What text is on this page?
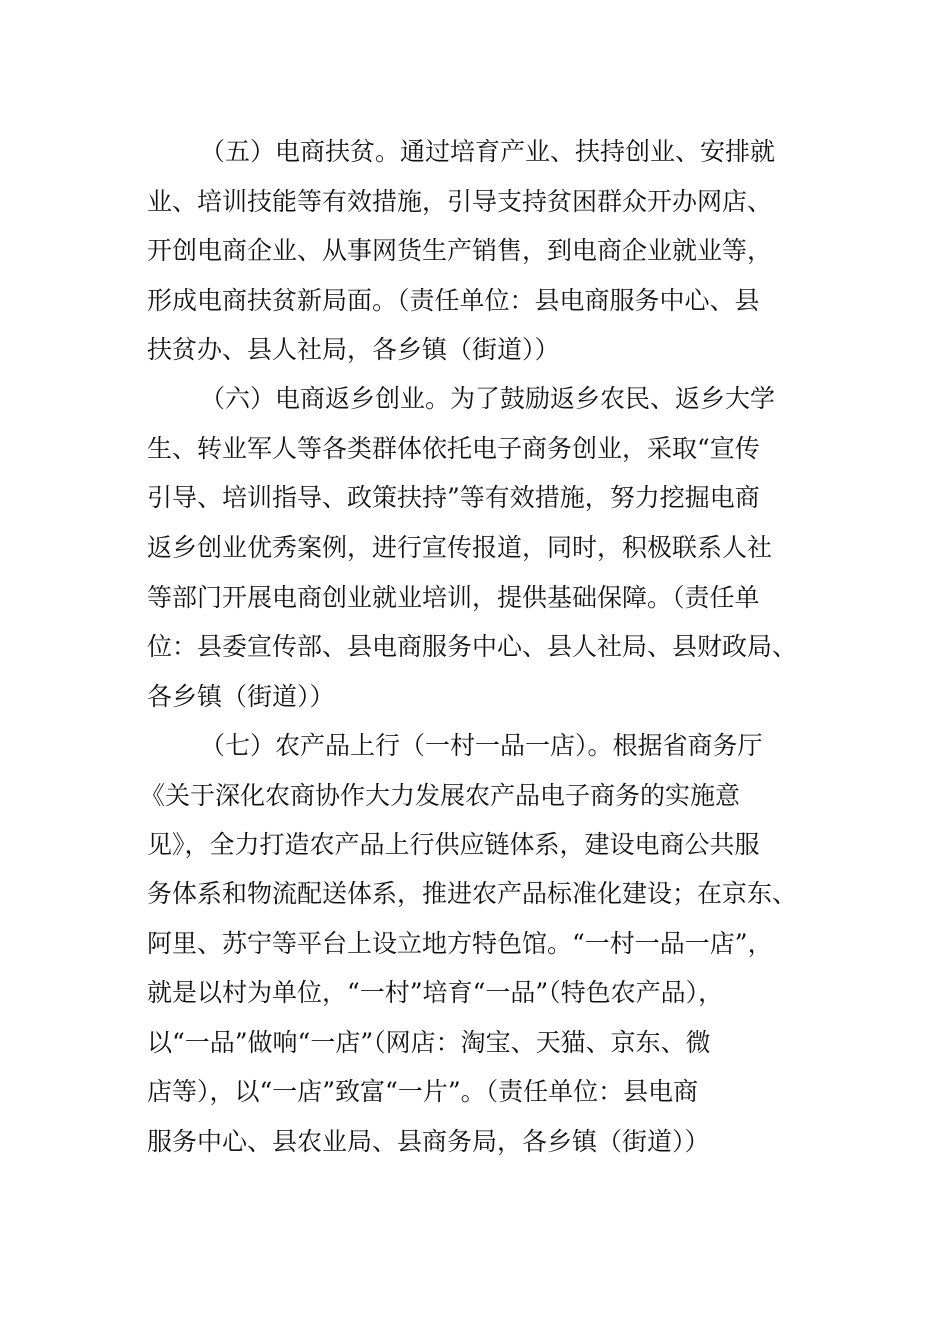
（五）电商扶贫。通过培育产业、扶持创业、安排就
业、培训技能等有效措施，引导支持贫困群众开办网店、
开创电商企业、从事网货生产销售，到电商企业就业等，
形成电商扶贫新局面。（责任单位：县电商服务中心、县
扶贫办、县人社局，各乡镇（街道））
（六）电商返乡创业。为了鼓励返乡农民、返乡大学
生、转业军人等各类群体依托电子商务创业，采取“宣传
引导、培训指导、政策扶持”等有效措施，努力挖掘电商
返乡创业优秀案例，进行宣传报道，同时，积极联系人社
等部门开展电商创业就业培训，提供基础保障。（责任单
位：县委宣传部、县电商服务中心、县人社局、县财政局、
各乡镇（街道））
（七）农产品上行（一村一品一店）。根据省商务厅
《关于深化农商协作大力发展农产品电子商务的实施意
见》，全力打造农产品上行供应链体系，建设电商公共服
务体系和物流配送体系，推进农产品标准化建设；在京东、
阿里、苏宁等平台上设立地方特色馆。“一村一品一店”，
就是以村为单位，“一村”培育“一品”（特色农产品），
以“一品”做响“一店”（网店：淘宝、天猫、京东、微
店等），以“一店”致富“一片”。（责任单位：县电商
服务中心、县农业局、县商务局，各乡镇（街道））
